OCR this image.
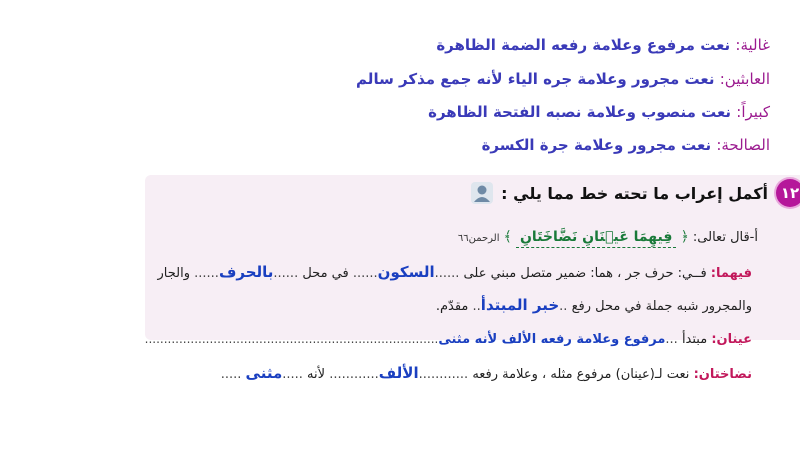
غالية: نعت مرفوع وعلامة رفعه الضمة الظاهرة
العابثين: نعت مجرور وعلامة جره الياء لأنه جمع مذكر سالم
كبيراً: نعت منصوب وعلامة نصبه الفتحة الظاهرة
الصالحة: نعت مجرور وعلامة جرة الكسرة
١٢
أكمل إعراب ما تحته خط مما يلي :
أ-قال تعالى: ﴿ فِيهِمَا عَيۡنَانِ نَضَّاخَتَانِ ﴾ الرحمن٦٦
فيهما: فــي: حرف جر ، هما: ضمير متصل مبني على ......السكون...... في محل ......بالحرف...... والجار
والمجرور شبه جملة في محل رفع ..خبر المبتدأ.. مقدّم.
عينان: مبتدأ ...مرفوع وعلامة رفعه الألف لأنه مثنى.............................................................................
نضاختان: نعت لـ(عينان) مرفوع مثله ، وعلامة رفعه ............الألف............ لأنه .....مثنى .....
